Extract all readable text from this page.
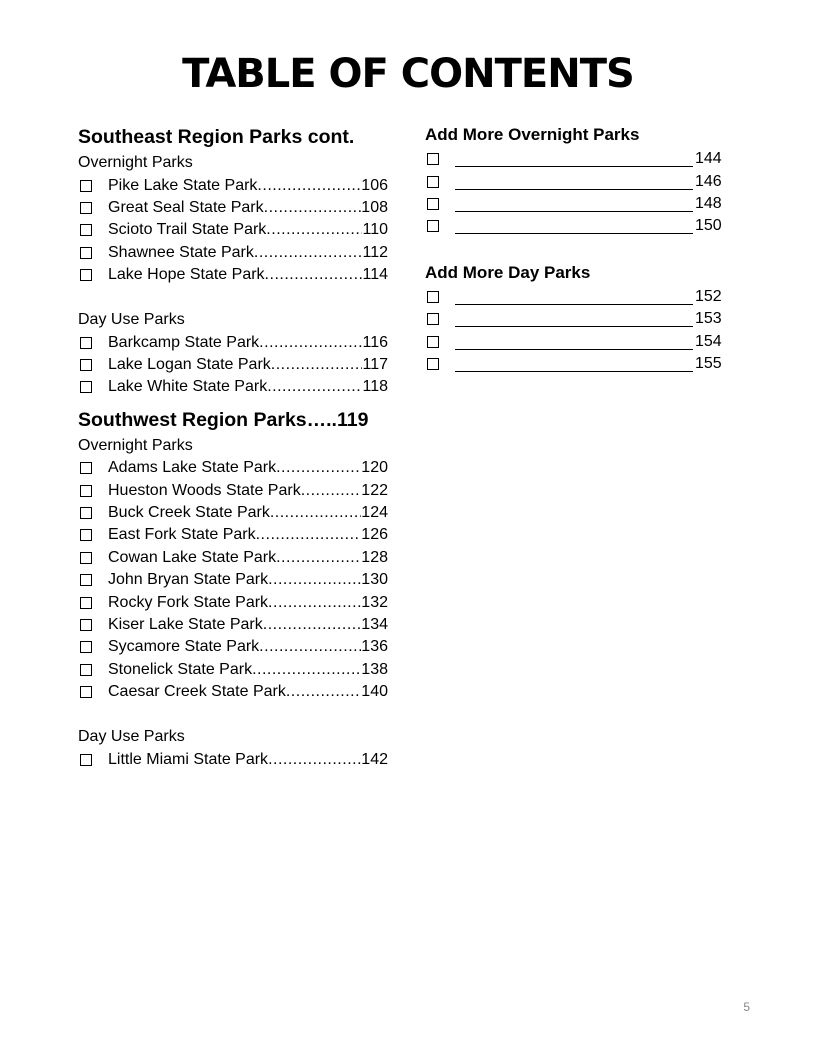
TABLE OF CONTENTS
Southeast Region Parks cont.
Overnight Parks
Pike Lake State Park .....	106
Great Seal State Park .....	108
Scioto Trail State Park .....	110
Shawnee State Park .....	112
Lake Hope State Park .....	114
Day Use Parks
Barkcamp State Park .....	116
Lake Logan State Park .....	117
Lake White State Park .....	118
Southwest Region Parks…..119
Overnight Parks
Adams Lake State Park .....	120
Hueston Woods State Park .....	122
Buck Creek State Park .....	124
East Fork State Park .....	126
Cowan Lake State Park .....	128
John Bryan State Park .....	130
Rocky Fork State Park .....	132
Kiser Lake State Park .....	134
Sycamore State Park .....	136
Stonelick State Park .....	138
Caesar Creek State Park .....	140
Day Use Parks
Little Miami State Park .....	142
Add More Overnight Parks
144
146
148
150
Add More Day Parks
152
153
154
155
5
